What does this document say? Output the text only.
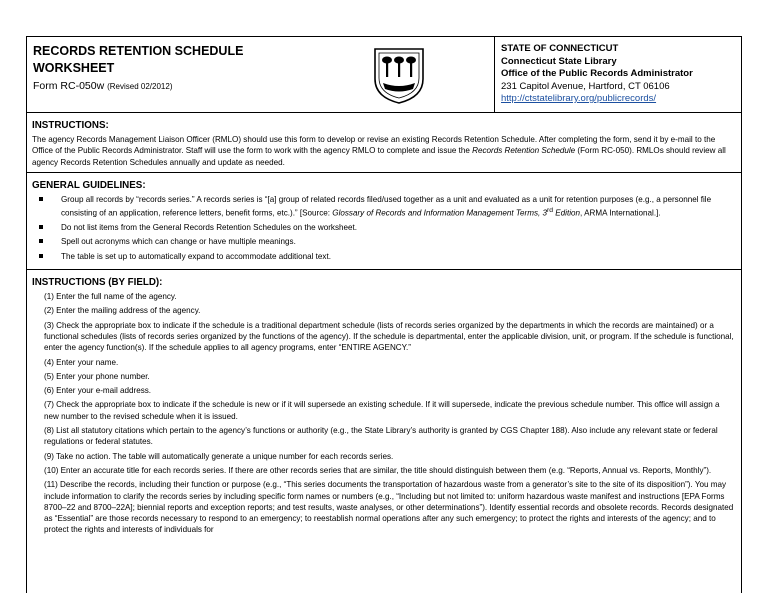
RECORDS RETENTION SCHEDULE
WORKSHEET
Form RC-050w (Revised 02/2012)
STATE OF CONNECTICUT
Connecticut State Library
Office of the Public Records Administrator
231 Capitol Avenue, Hartford, CT 06106
http://ctstatelibrary.org/publicrecords/
INSTRUCTIONS:

The agency Records Management Liaison Officer (RMLO) should use this form to develop or revise an existing Records Retention Schedule. After completing the form, send it by e-mail to the Office of the Public Records Administrator. Staff will use the form to work with the agency RMLO to complete and issue the Records Retention Schedule (Form RC-050). RMLOs should review all agency Records Retention Schedules annually and update as needed.

GENERAL GUIDELINES:
Group all records by “records series.” A records series is “[a] group of related records filed/used together as a unit and evaluated as a unit for retention purposes (e.g., a personnel file consisting of an application, reference letters, benefit forms, etc.).” [Source: Glossary of Records and Information Management Terms, 3rd Edition, ARMA International.].
Do not list items from the General Records Retention Schedules on the worksheet.
Spell out acronyms which can change or have multiple meanings.
The table is set up to automatically expand to accommodate additional text.
INSTRUCTIONS (BY FIELD):
(1) Enter the full name of the agency.
(2) Enter the mailing address of the agency.
(3) Check the appropriate box to indicate if the schedule is a traditional department schedule (lists of records series organized by the departments in which the records are maintained) or a functional schedules (lists of records series organized by the functions of the agency). If the schedule is departmental, enter the applicable division, unit, or program. If the schedule is functional, enter the agency function(s). If the schedule applies to all agency programs, enter “ENTIRE AGENCY.”
(4) Enter your name.
(5) Enter your phone number.
(6) Enter your e-mail address.
(7) Check the appropriate box to indicate if the schedule is new or if it will supersede an existing schedule. If it will supersede, indicate the previous schedule number. This office will assign a new number to the revised schedule when it is issued.
(8) List all statutory citations which pertain to the agency’s functions or authority (e.g., the State Library’s authority is granted by CGS Chapter 188). Also include any relevant state or federal regulations or federal statutes.
(9) Take no action. The table will automatically generate a unique number for each records series.
(10) Enter an accurate title for each records series. If there are other records series that are similar, the title should distinguish between them (e.g. “Reports, Annual vs. Reports, Monthly”).
(11) Describe the records, including their function or purpose (e.g., “This series documents the transportation of hazardous waste from a generator’s site to the site of its disposition”). You may include information to clarify the records series by including specific form names or numbers (e.g., “Including but not limited to: uniform hazardous waste manifest and instructions [EPA Forms 8700–22 and 8700–22A]; biennial reports and exception reports; and test results, waste analyses, or other determinations”). Identify essential records and obsolete records. Records designated as “Essential” are those records necessary to respond to an emergency; to reestablish normal operations after any such emergency; to protect the rights and interests of the agency; and to protect the rights and interests of individuals for
